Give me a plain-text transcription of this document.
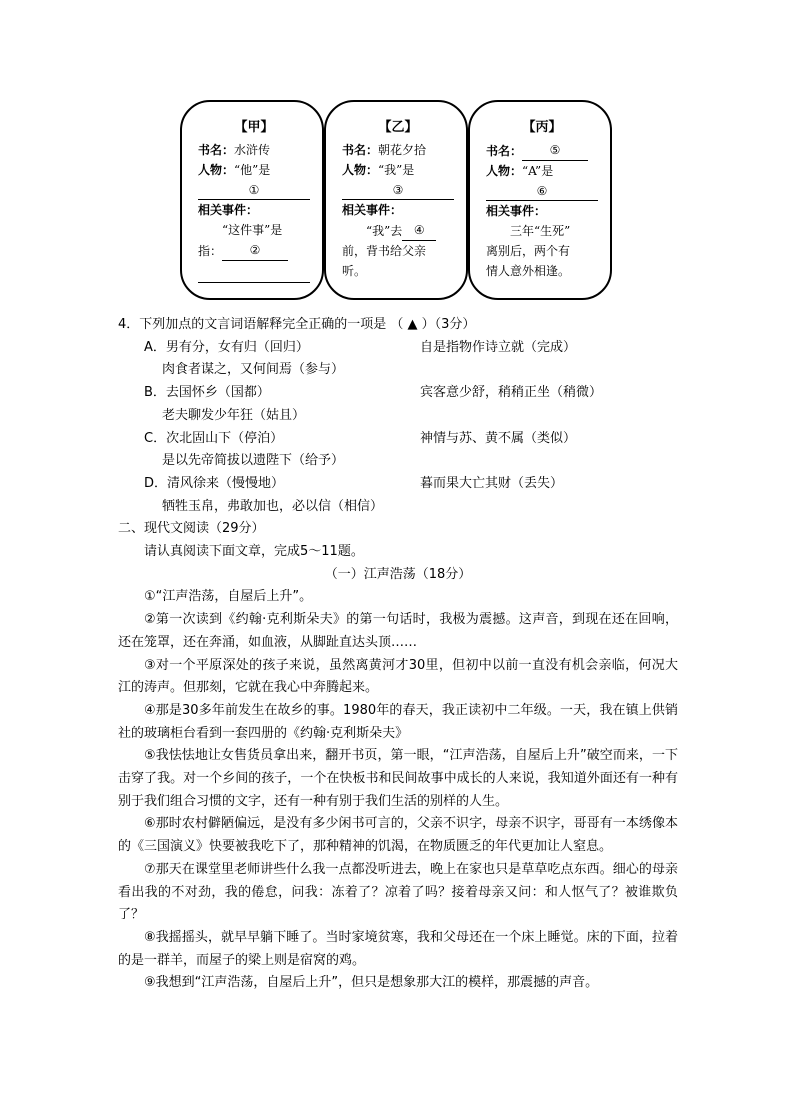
【甲】
书名：水浒传
人物：“他”是
①
相关事件：
“这件事”是
指： ②
【乙】
书名：朝花夕拾
人物：“我”是
③
相关事件：
“我”去 ④
前，背书给父亲
听。
【丙】
书名： ⑤
人物：“A”是
⑥
相关事件：
三年“生死”
离别后，两个有
情人意外相逢。
4．下列加点的文言词语解释完全正确的一项是 （ ▲ ）（3分）
A．男有分，女有归（回归）	自是指物作诗立就（完成）
肉食者谋之，又何间焉（参与）
B．去国怀乡（国都）	宾客意少舒，稍稍正坐（稍微）
老夫聊发少年狂（姑且）
C．次北固山下（停泊）	神情与苏、黄不属（类似）
是以先帝简拔以遗陛下（给予）
D．清风徐来（慢慢地）	暮而果大亡其财（丢失）
牺牲玉帛，弗敢加也，必以信（相信）
二、现代文阅读（29分）
请认真阅读下面文章，完成5～11题。
（一）江声浩荡（18分）
①“江声浩荡，自屋后上升”。
②第一次读到《约翰·克利斯朵夫》的第一句话时，我极为震撼。这声音，到现在还在回响，还在笼罩，还在奔涌，如血液，从脚趾直达头顶……
③对一个平原深处的孩子来说，虽然离黄河才30里，但初中以前一直没有机会亲临，何况大江的涛声。但那刻，它就在我心中奔腾起来。
④那是30多年前发生在故乡的事。1980年的春天，我正读初中二年级。一天，我在镇上供销社的玻璃柜台看到一套四册的《约翰·克利斯朵夫》
⑤我怯怯地让女售货员拿出来，翻开书页，第一眼，“江声浩荡，自屋后上升”破空而来，一下击穿了我。对一个乡间的孩子，一个在快板书和民间故事中成长的人来说，我知道外面还有一种有别于我们组合习惯的文字，还有一种有别于我们生活的别样的人生。
⑥那时农村僻陋偏远，是没有多少闲书可言的，父亲不识字，母亲不识字，哥哥有一本绣像本的《三国演义》快要被我吃下了，那种精神的饥渴，在物质匮乏的年代更加让人窒息。
⑦那天在课堂里老师讲些什么我一点都没听进去，晚上在家也只是草草吃点东西。细心的母亲看出我的不对劲，我的倦怠，问我：冻着了？凉着了吗？接着母亲又问：和人怄气了？被谁欺负了？
⑧我摇摇头，就早早躺下睡了。当时家境贫寒，我和父母还在一个床上睡觉。床的下面，拉着的是一群羊，而屋子的梁上则是宿窝的鸡。
⑨我想到“江声浩荡，自屋后上升”，但只是想象那大江的模样，那震撼的声音。
